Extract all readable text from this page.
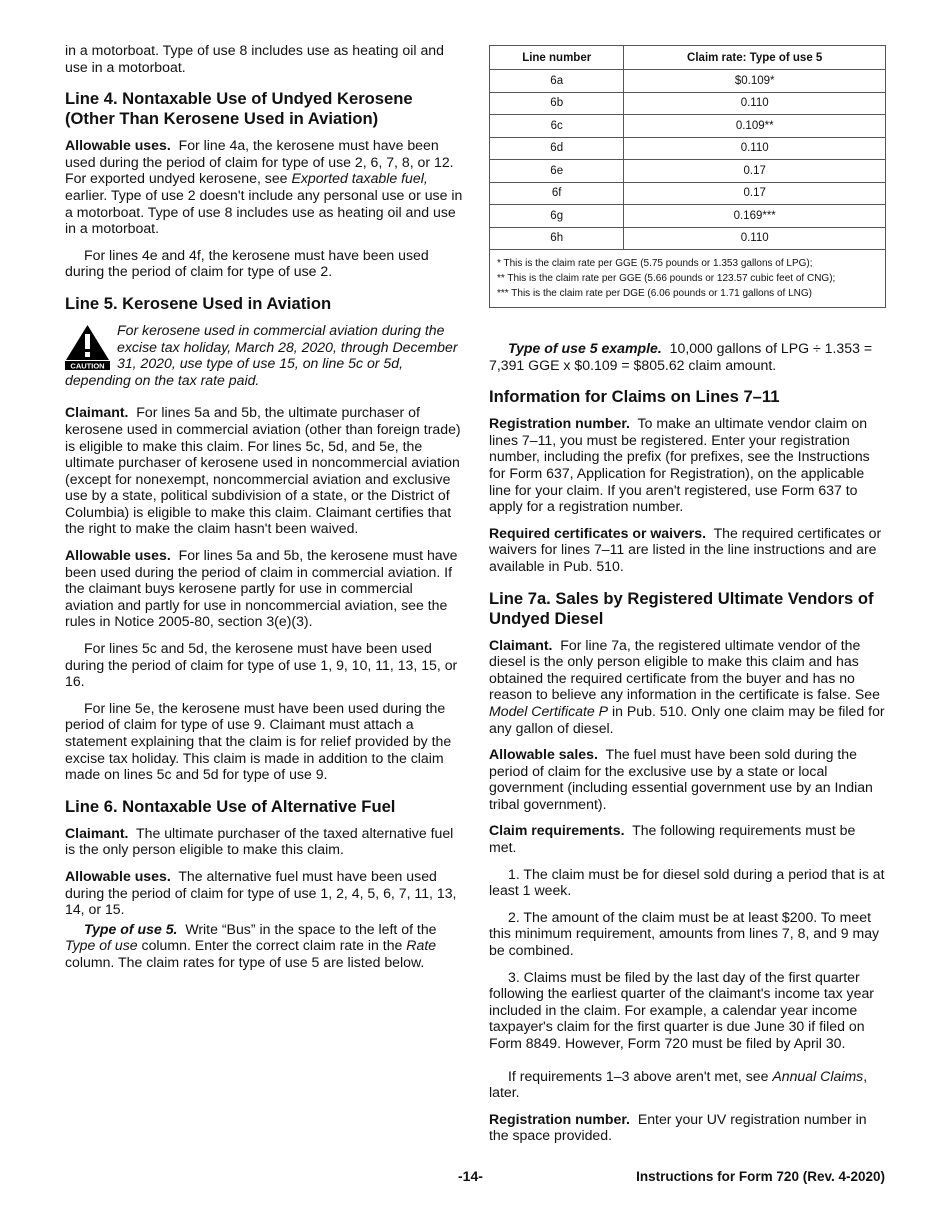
in a motorboat. Type of use 8 includes use as heating oil and use in a motorboat.

Line 4. Nontaxable Use of Undyed Kerosene (Other Than Kerosene Used in Aviation)

Allowable uses. For line 4a, the kerosene must have been used during the period of claim for type of use 2, 6, 7, 8, or 12. For exported undyed kerosene, see Exported taxable fuel, earlier. Type of use 2 doesn't include any personal use or use in a motorboat. Type of use 8 includes use as heating oil and use in a motorboat.

For lines 4e and 4f, the kerosene must have been used during the period of claim for type of use 2.

Line 5. Kerosene Used in Aviation
CAUTION

For kerosene used in commercial aviation during the excise tax holiday, March 28, 2020, through December 31, 2020, use type of use 15, on line 5c or 5d, depending on the tax rate paid.

Claimant. For lines 5a and 5b, the ultimate purchaser of kerosene used in commercial aviation (other than foreign trade) is eligible to make this claim. For lines 5c, 5d, and 5e, the ultimate purchaser of kerosene used in noncommercial aviation (except for nonexempt, noncommercial aviation and exclusive use by a state, political subdivision of a state, or the District of Columbia) is eligible to make this claim. Claimant certifies that the right to make the claim hasn't been waived.

Allowable uses. For lines 5a and 5b, the kerosene must have been used during the period of claim in commercial aviation. If the claimant buys kerosene partly for use in commercial aviation and partly for use in noncommercial aviation, see the rules in Notice 2005-80, section 3(e)(3).

For lines 5c and 5d, the kerosene must have been used during the period of claim for type of use 1, 9, 10, 11, 13, 15, or 16.

For line 5e, the kerosene must have been used during the period of claim for type of use 9. Claimant must attach a statement explaining that the claim is for relief provided by the excise tax holiday. This claim is made in addition to the claim made on lines 5c and 5d for type of use 9.

Line 6. Nontaxable Use of Alternative Fuel

Claimant. The ultimate purchaser of the taxed alternative fuel is the only person eligible to make this claim.

Allowable uses. The alternative fuel must have been used during the period of claim for type of use 1, 2, 4, 5, 6, 7, 11, 13, 14, or 15.

Type of use 5. Write “Bus” in the space to the left of the Type of use column. Enter the correct claim rate in the Rate column. The claim rates for type of use 5 are listed below.

Line number	Claim rate: Type of use 5
6a	$0.109*
6b	0.110
6c	0.109**
6d	0.110
6e	0.17
6f	0.17
6g	0.169***
6h	0.110

* This is the claim rate per GGE (5.75 pounds or 1.353 gallons of LPG);
** This is the claim rate per GGE (5.66 pounds or 123.57 cubic feet of CNG);
*** This is the claim rate per DGE (6.06 pounds or 1.71 gallons of LNG)	

Type of use 5 example. 10,000 gallons of LPG ÷ 1.353 = 7,391 GGE x $0.109 = $805.62 claim amount.

Information for Claims on Lines 7–11

Registration number. To make an ultimate vendor claim on lines 7–11, you must be registered. Enter your registration number, including the prefix (for prefixes, see the Instructions for Form 637, Application for Registration), on the applicable line for your claim. If you aren't registered, use Form 637 to apply for a registration number.

Required certificates or waivers. The required certificates or waivers for lines 7–11 are listed in the line instructions and are available in Pub. 510.

Line 7a. Sales by Registered Ultimate Vendors of Undyed Diesel

Claimant. For line 7a, the registered ultimate vendor of the diesel is the only person eligible to make this claim and has obtained the required certificate from the buyer and has no reason to believe any information in the certificate is false. See Model Certificate P in Pub. 510. Only one claim may be filed for any gallon of diesel.

Allowable sales. The fuel must have been sold during the period of claim for the exclusive use by a state or local government (including essential government use by an Indian tribal government).

Claim requirements. The following requirements must be met.

1. The claim must be for diesel sold during a period that is at least 1 week.

2. The amount of the claim must be at least $200. To meet this minimum requirement, amounts from lines 7, 8, and 9 may be combined.

3. Claims must be filed by the last day of the first quarter following the earliest quarter of the claimant's income tax year included in the claim. For example, a calendar year income taxpayer's claim for the first quarter is due June 30 if filed on Form 8849. However, Form 720 must be filed by April 30.

If requirements 1–3 above aren't met, see Annual Claims, later.

Registration number. Enter your UV registration number in the space provided.

-14-	Instructions for Form 720 (Rev. 4-2020)
